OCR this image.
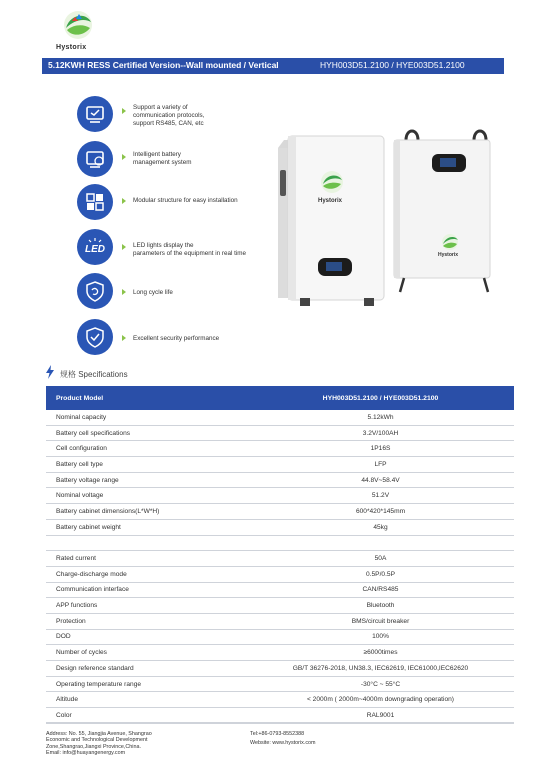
Hystorix
5.12KWH RESS Certified Version--Wall mounted / Vertical	HYH003D51.2100 / HYE003D51.2100
Support a variety of
communication protocols,
support RS485, CAN, etc
Intelligent battery
management system
Modular structure for easy installation
LED	LED lights display the
parameters of the equipment in real time
Long cycle life
Excellent security performance
Hystorix
Hystorix
规格 Specifications
Product Model	HYH003D51.2100 / HYE003D51.2100
Nominal capacity	5.12kWh
Battery cell specifications	3.2V/100AH
Cell configuration	1P16S
Battery cell type	LFP
Battery voltage range	44.8V~58.4V
Nominal voltage	51.2V
Battery cabinet dimensions(L*W*H)	600*420*145mm
Battery cabinet weight	45kg

Rated current	50A
Charge-discharge mode	0.5P/0.5P
Communication interface	CAN/RS485
APP functions	Bluetooth
Protection	BMS/circuit breaker
DOD	100%
Number of cycles	≥6000times
Design reference standard	GB/T 36276-2018, UN38.3, IEC62619, IEC61000,IEC62620
Operating temperature range	-30°C ~ 55°C
Altitude	< 2000m ( 2000m~4000m downgrading operation)
Color	RAL9001
Address: No. 55, Jiangjia Avenue, Shangrao
Economic and Technological Development
Zone,Shangrao,Jiangxi Province,China.
Email: info@huayangenergy.com
Tel:+86-0793-8552388
Website: www.hystorix.com
